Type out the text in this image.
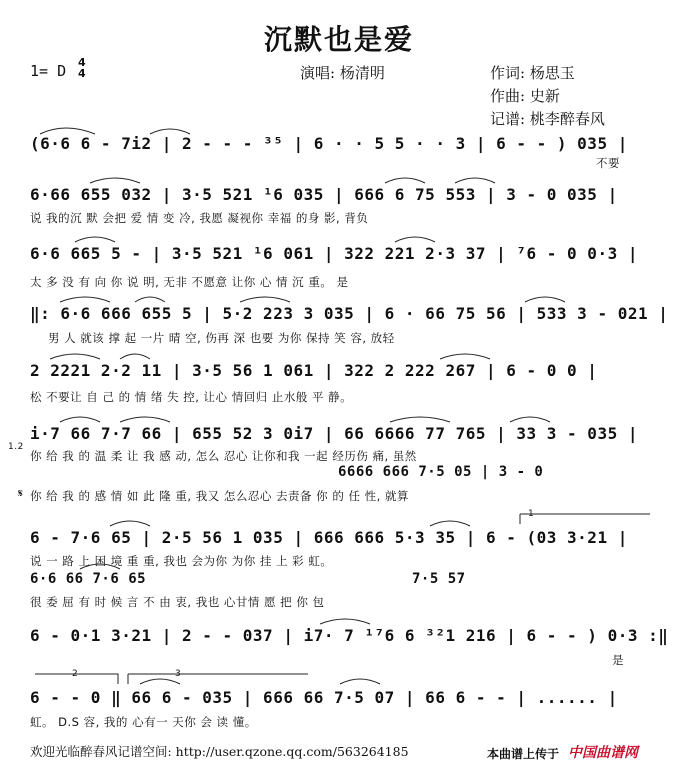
沉默也是爱
1= D 4
4	演唱: 杨清明	作词: 杨思玉
作曲: 史新
记谱: 桃李醉春风
(6·6 6 - 7i2 | 2 - - - ³⁵ | 6 · · 5 5 · · 3 | 6 - - ) 035 |
不要
6·66 655 032 | 3·5 521 ¹6 035 | 666 6 75 553 | 3 - 0 035 |
说 我的沉 默 会把 爱 情 变 冷, 我愿 凝视你 幸福 的身 影, 背负
6·6 665 5 - | 3·5 521 ¹6 061 | 322 221 2·3 37 | ⁷6 - 0 0·3 |
太 多 没 有 向 你 说 明, 无非 不愿意 让你 心 情 沉 重。 是
‖: 6·6 666 655 5 | 5·2 223 3 035 | 6 · 66 75 56 | 533 3 - 021 |
男 人 就该 撑 起 一片 晴 空, 伤再 深 也要 为你 保持 笑 容, 放轻
2 2221 2·2 11 | 3·5 56 1 061 | 322 2 222 267 | 6 - 0 0 |
松 不要让 自 己 的 情 绪 失 控, 让心 情回归 止水般 平 静。
i·7 66 7·7 66 | 655 52 3 0i7 | 66 6666 77 765 | 33 3 - 035 |
1.2
你 给 我 的 温 柔 让 我 感 动, 怎么 忍心 让你和我 一起 经历伤 痛, 虽然
6666 666 7·5 05 | 3 - 0
𝄋 你 给 我 的 感 情 如 此 隆 重, 我又 怎么忍心 去责备 你 的 任 性, 就算
6 - 7·6 65 | 2·5 56 1 035 | 666 666 5·3 35 | 6 - (03 3·21 |
说 一 路 上 困 境 重 重, 我也 会为你 为你 挂 上 彩 虹。
6·6 66 7·6 65	7·5 57
很 委 屈 有 时 候 言 不 由 衷, 我也 心甘情 愿 把 你 包
6 - 0·1 3·21 | 2 - - 037 | i7· 7 ¹⁷6 6 ³²1 216 | 6 - - ) 0·3 :‖
是
6 - - 0 ‖ 66 6 - 035 | 666 66 7·5 07 | 66 6 - - | ...... |
虹。 D.S 容, 我的 心有一 天你 会 读 懂。
1
2	3
欢迎光临醉春风记谱空间: http://user.qzone.qq.com/563264185	本曲谱上传于 中国曲谱网
